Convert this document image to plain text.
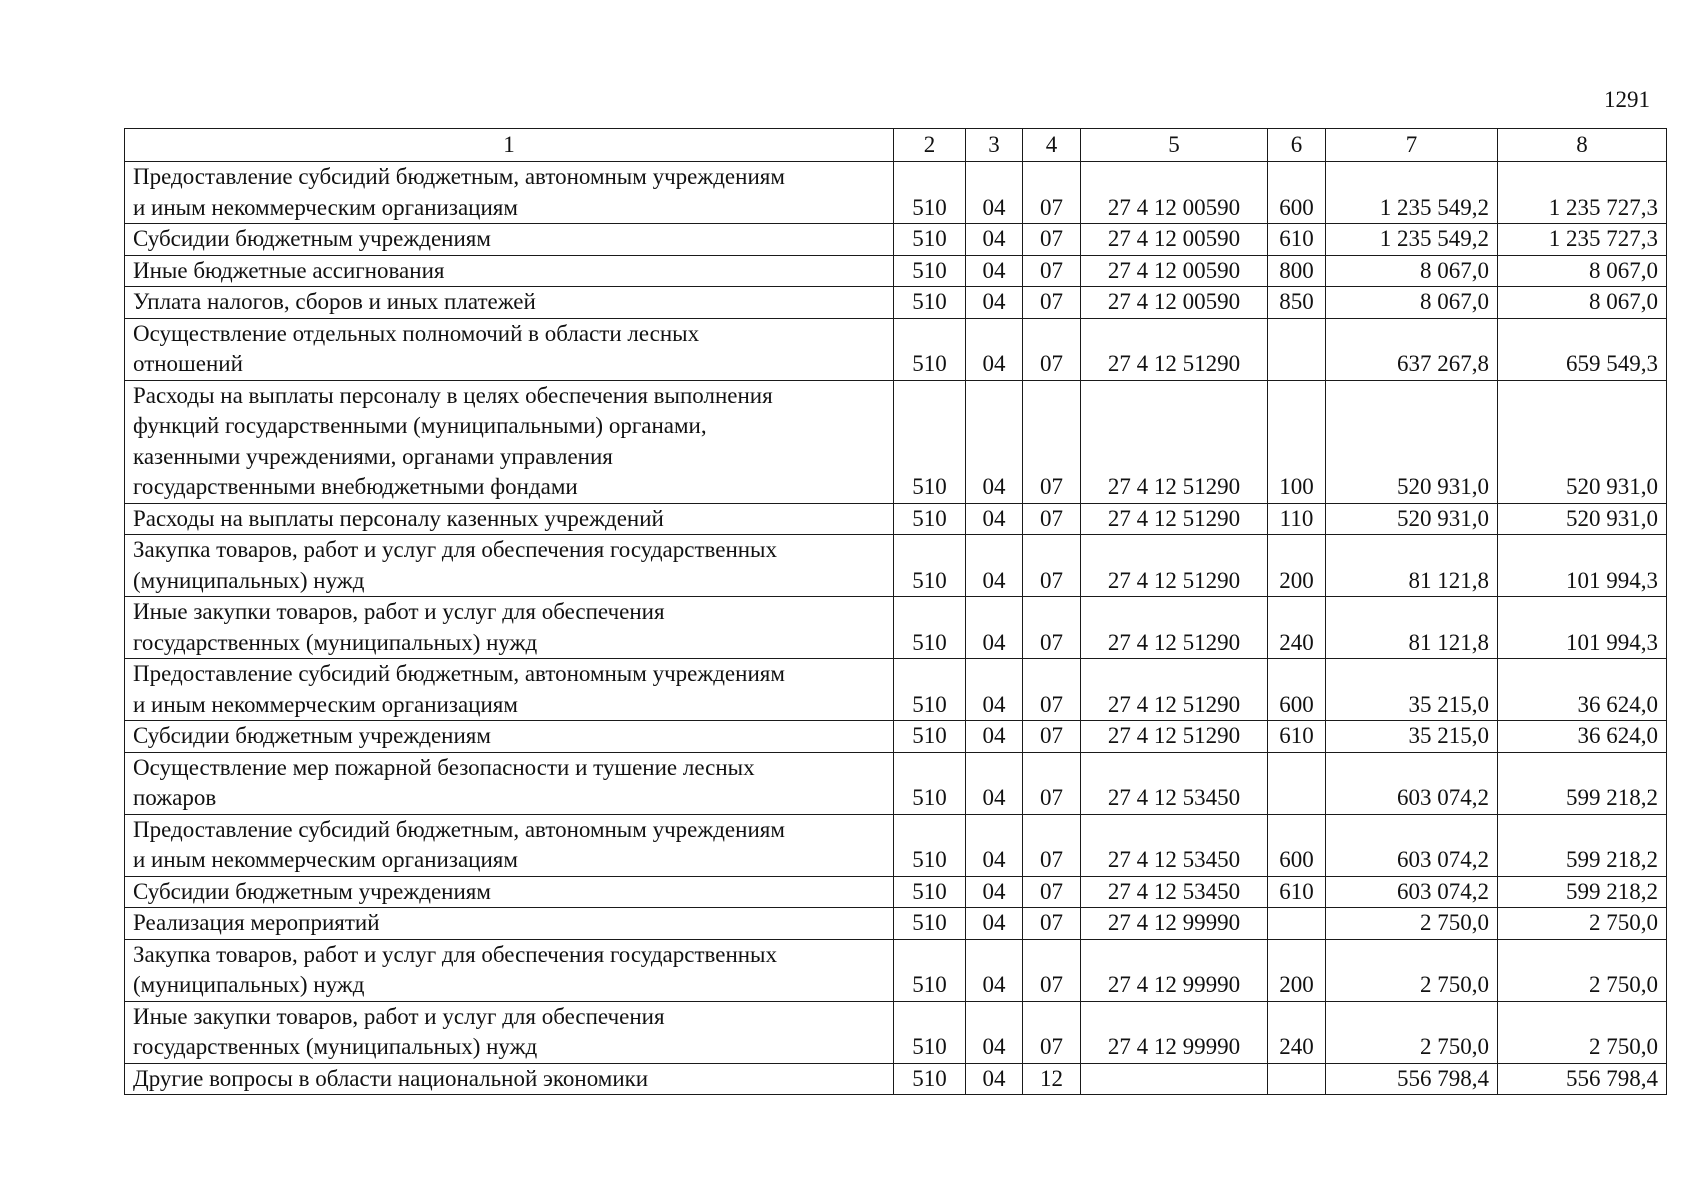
1291
1	2	3	4	5	6	7	8

Предоставление субсидий бюджетным, автономным учреждениям
и иным некоммерческим организациям	510	04	07	27 4 12 00590	600	1 235 549,2	1 235 727,3

Субсидии бюджетным учреждениям	510	04	07	27 4 12 00590	610	1 235 549,2	1 235 727,3

Иные бюджетные ассигнования	510	04	07	27 4 12 00590	800	8 067,0	8 067,0

Уплата налогов, сборов и иных платежей	510	04	07	27 4 12 00590	850	8 067,0	8 067,0

Осуществление отдельных полномочий в области лесных
отношений	510	04	07	27 4 12 51290		637 267,8	659 549,3

Расходы на выплаты персоналу в целях обеспечения выполнения
функций государственными (муниципальными) органами,
казенными учреждениями, органами управления
государственными внебюджетными фондами	510	04	07	27 4 12 51290	100	520 931,0	520 931,0

Расходы на выплаты персоналу казенных учреждений	510	04	07	27 4 12 51290	110	520 931,0	520 931,0

Закупка товаров, работ и услуг для обеспечения государственных
(муниципальных) нужд	510	04	07	27 4 12 51290	200	81 121,8	101 994,3

Иные закупки товаров, работ и услуг для обеспечения
государственных (муниципальных) нужд	510	04	07	27 4 12 51290	240	81 121,8	101 994,3

Предоставление субсидий бюджетным, автономным учреждениям
и иным некоммерческим организациям	510	04	07	27 4 12 51290	600	35 215,0	36 624,0

Субсидии бюджетным учреждениям	510	04	07	27 4 12 51290	610	35 215,0	36 624,0

Осуществление мер пожарной безопасности и тушение лесных
пожаров	510	04	07	27 4 12 53450		603 074,2	599 218,2

Предоставление субсидий бюджетным, автономным учреждениям
и иным некоммерческим организациям	510	04	07	27 4 12 53450	600	603 074,2	599 218,2

Субсидии бюджетным учреждениям	510	04	07	27 4 12 53450	610	603 074,2	599 218,2

Реализация мероприятий	510	04	07	27 4 12 99990		2 750,0	2 750,0

Закупка товаров, работ и услуг для обеспечения государственных
(муниципальных) нужд	510	04	07	27 4 12 99990	200	2 750,0	2 750,0

Иные закупки товаров, работ и услуг для обеспечения
государственных (муниципальных) нужд	510	04	07	27 4 12 99990	240	2 750,0	2 750,0

Другие вопросы в области национальной экономики	510	04	12			556 798,4	556 798,4
